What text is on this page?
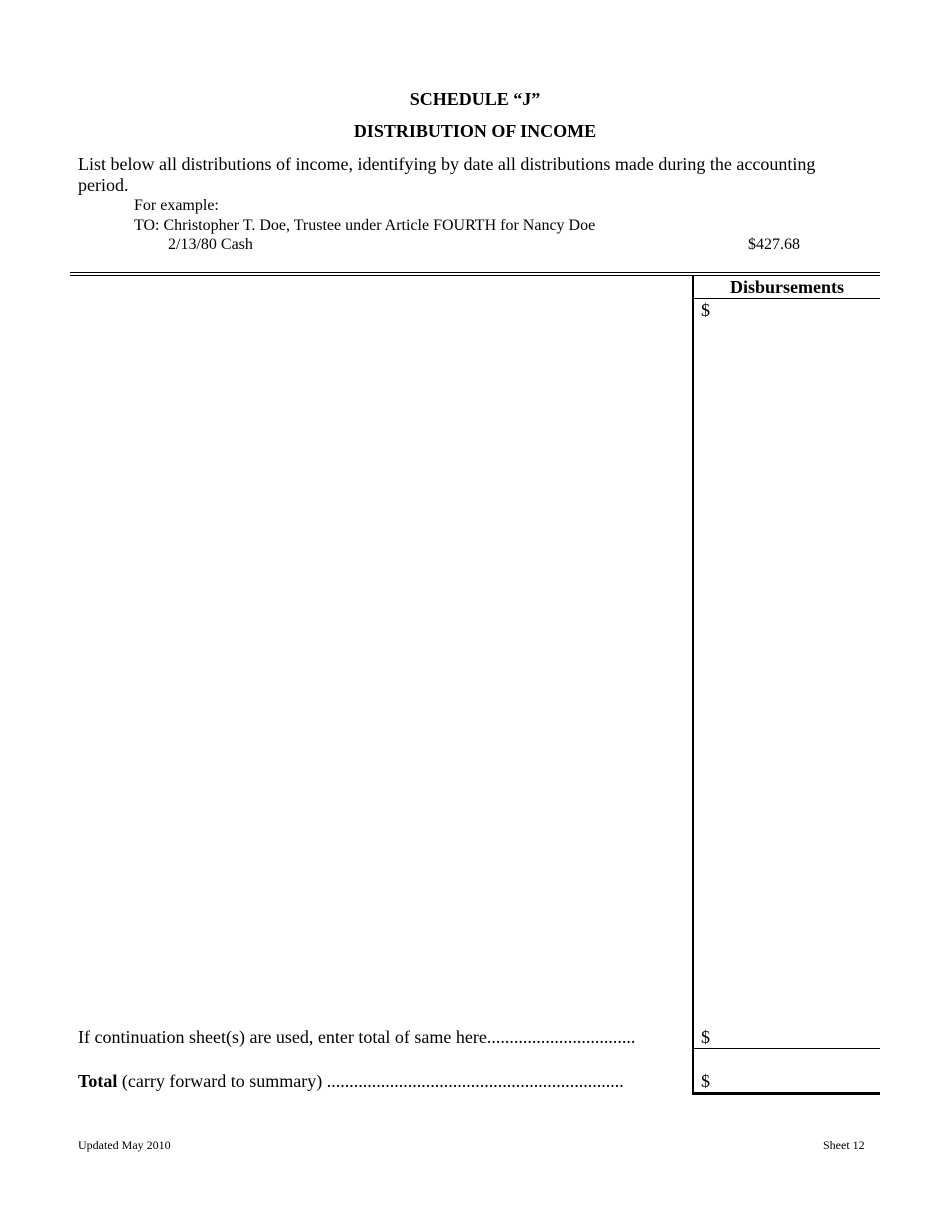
SCHEDULE “J”
DISTRIBUTION OF INCOME
List below all distributions of income, identifying by date all distributions made during the accounting period.
For example:
TO: Christopher T. Doe, Trustee under Article FOURTH for Nancy Doe
2/13/80 Cash	$427.68
Disbursements
$
If continuation sheet(s) are used, enter total of same here.................................	$
Total (carry forward to summary) ..................................................................	$
Updated May 2010	Sheet 12
